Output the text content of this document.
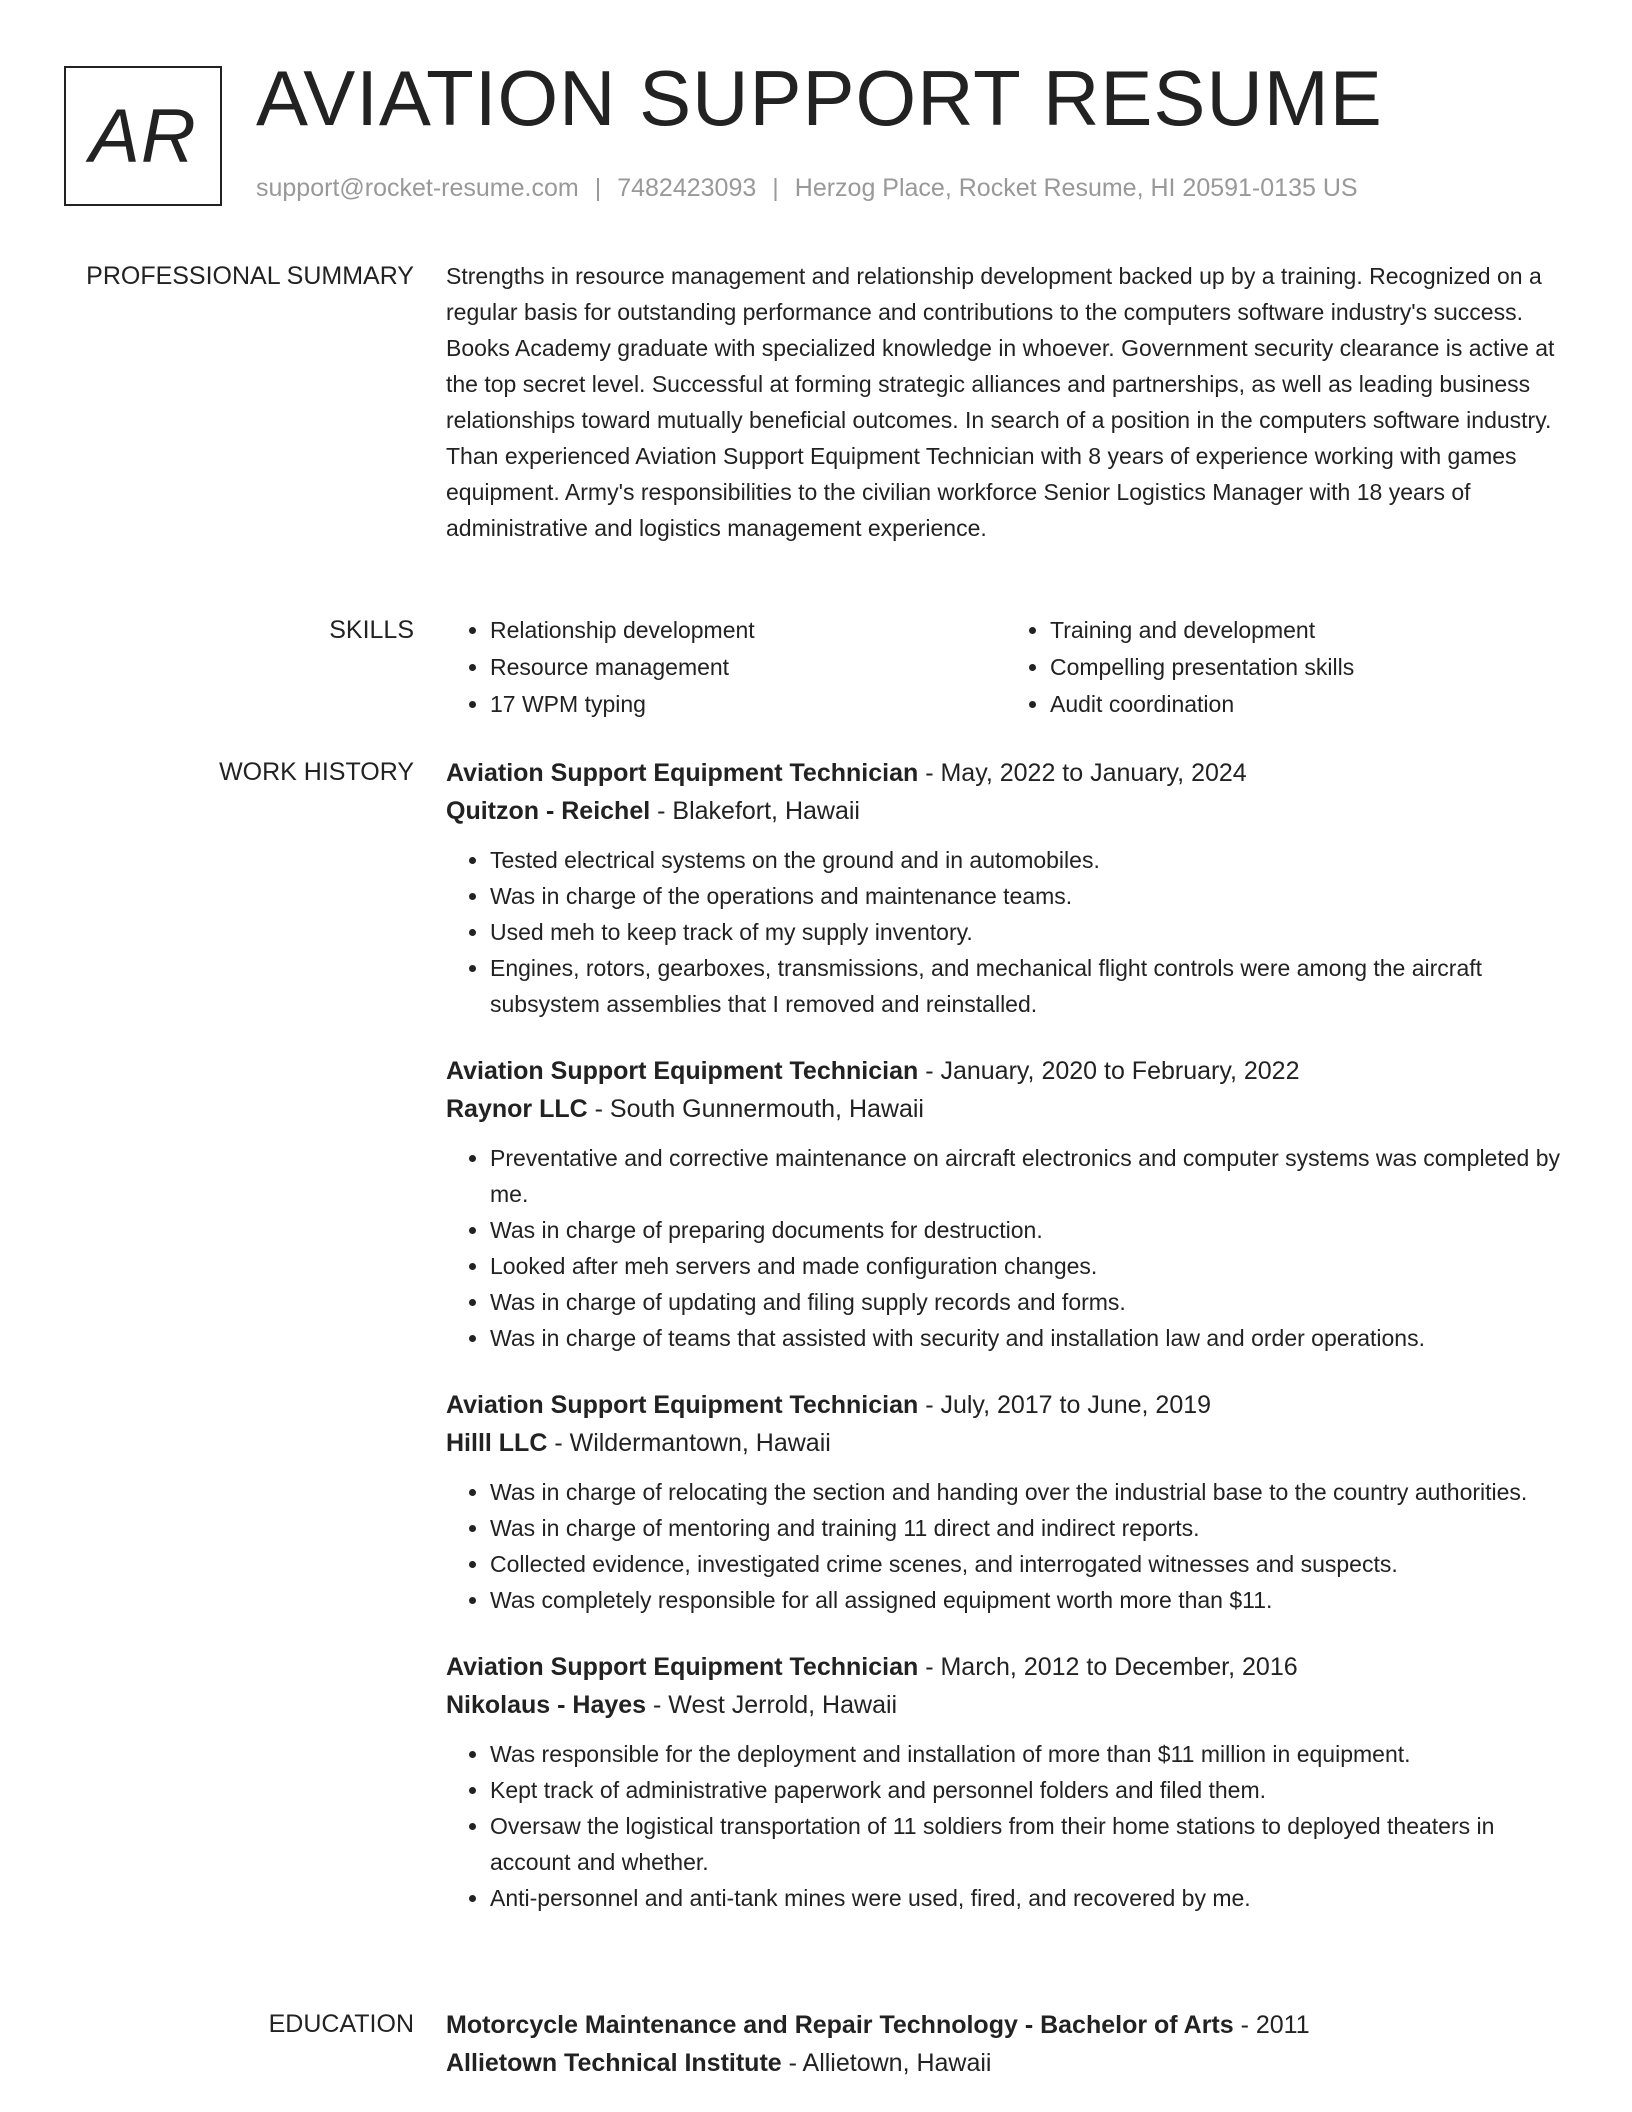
AR AVIATION SUPPORT RESUME
support@rocket-resume.com | 7482423093 | Herzog Place, Rocket Resume, HI 20591-0135 US
PROFESSIONAL SUMMARY Strengths in resource management and relationship development backed up by a training. Recognized on a regular basis for outstanding performance and contributions to the computers software industry's success. Books Academy graduate with specialized knowledge in whoever. Government security clearance is active at the top secret level. Successful at forming strategic alliances and partnerships, as well as leading business relationships toward mutually beneficial outcomes. In search of a position in the computers software industry. Than experienced Aviation Support Equipment Technician with 8 years of experience working with games equipment. Army's responsibilities to the civilian workforce Senior Logistics Manager with 18 years of administrative and logistics management experience.

SKILLS
•	Relationship development
• Resource management
• 17 WPM typing
• Training and development
• Compelling presentation skills
• Audit coordination
WORK HISTORY Aviation Support Equipment Technician - May, 2022 to January, 2024
Quitzon - Reichel - Blakefort, Hawaii
• Tested electrical systems on the ground and in automobiles.
• Was in charge of the operations and maintenance teams.
• Used meh to keep track of my supply inventory.
• Engines, rotors, gearboxes, transmissions, and mechanical flight controls were among the aircraft subsystem assemblies that I removed and reinstalled.
Aviation Support Equipment Technician - January, 2020 to February, 2022
Raynor LLC - South Gunnermouth, Hawaii
• Preventative and corrective maintenance on aircraft electronics and computer systems was completed by me.
• Was in charge of preparing documents for destruction.
• Looked after meh servers and made configuration changes.
• Was in charge of updating and filing supply records and forms.
• Was in charge of teams that assisted with security and installation law and order operations.
Aviation Support Equipment Technician - July, 2017 to June, 2019
Hilll LLC - Wildermantown, Hawaii
• Was in charge of relocating the section and handing over the industrial base to the country authorities.
• Was in charge of mentoring and training 11 direct and indirect reports.
• Collected evidence, investigated crime scenes, and interrogated witnesses and suspects.
• Was completely responsible for all assigned equipment worth more than $11.
Aviation Support Equipment Technician - March, 2012 to December, 2016
Nikolaus - Hayes - West Jerrold, Hawaii
• Was responsible for the deployment and installation of more than $11 million in equipment.
• Kept track of administrative paperwork and personnel folders and filed them.
• Oversaw the logistical transportation of 11 soldiers from their home stations to deployed theaters in account and whether.
• Anti-personnel and anti-tank mines were used, fired, and recovered by me.
EDUCATION Motorcycle Maintenance and Repair Technology - Bachelor of Arts - 2011
Allietown Technical Institute - Allietown, Hawaii
